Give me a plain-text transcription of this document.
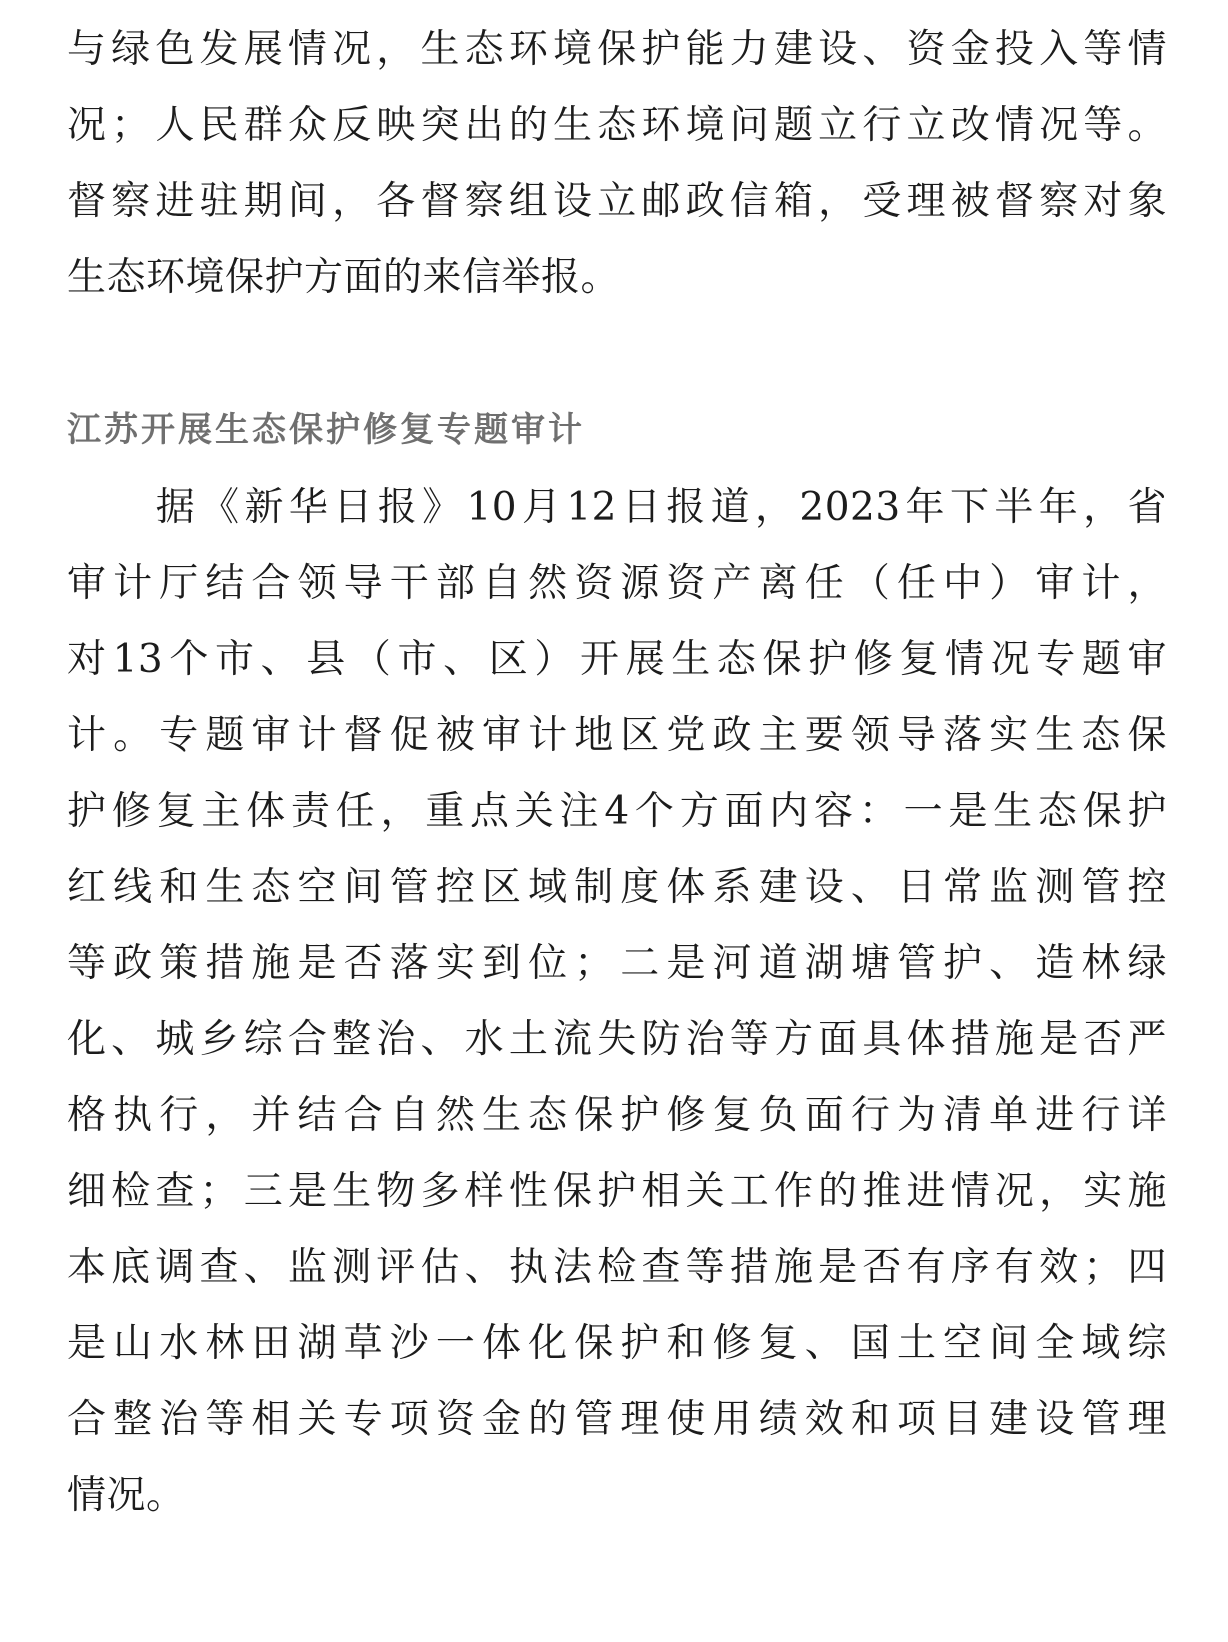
与绿色发展情况，生态环境保护能力建设、资金投入等情
况；人民群众反映突出的生态环境问题立行立改情况等。
督察进驻期间，各督察组设立邮政信箱，受理被督察对象
生态环境保护方面的来信举报。
江苏开展生态保护修复专题审计
　　据《新华日报》10月12日报道，2023年下半年，省
审计厅结合领导干部自然资源资产离任（任中）审计，
对13个市、县（市、区）开展生态保护修复情况专题审
计。专题审计督促被审计地区党政主要领导落实生态保
护修复主体责任，重点关注4个方面内容：一是生态保护
红线和生态空间管控区域制度体系建设、日常监测管控
等政策措施是否落实到位；二是河道湖塘管护、造林绿
化、城乡综合整治、水土流失防治等方面具体措施是否严
格执行，并结合自然生态保护修复负面行为清单进行详
细检查；三是生物多样性保护相关工作的推进情况，实施
本底调查、监测评估、执法检查等措施是否有序有效；四
是山水林田湖草沙一体化保护和修复、国土空间全域综
合整治等相关专项资金的管理使用绩效和项目建设管理
情况。
